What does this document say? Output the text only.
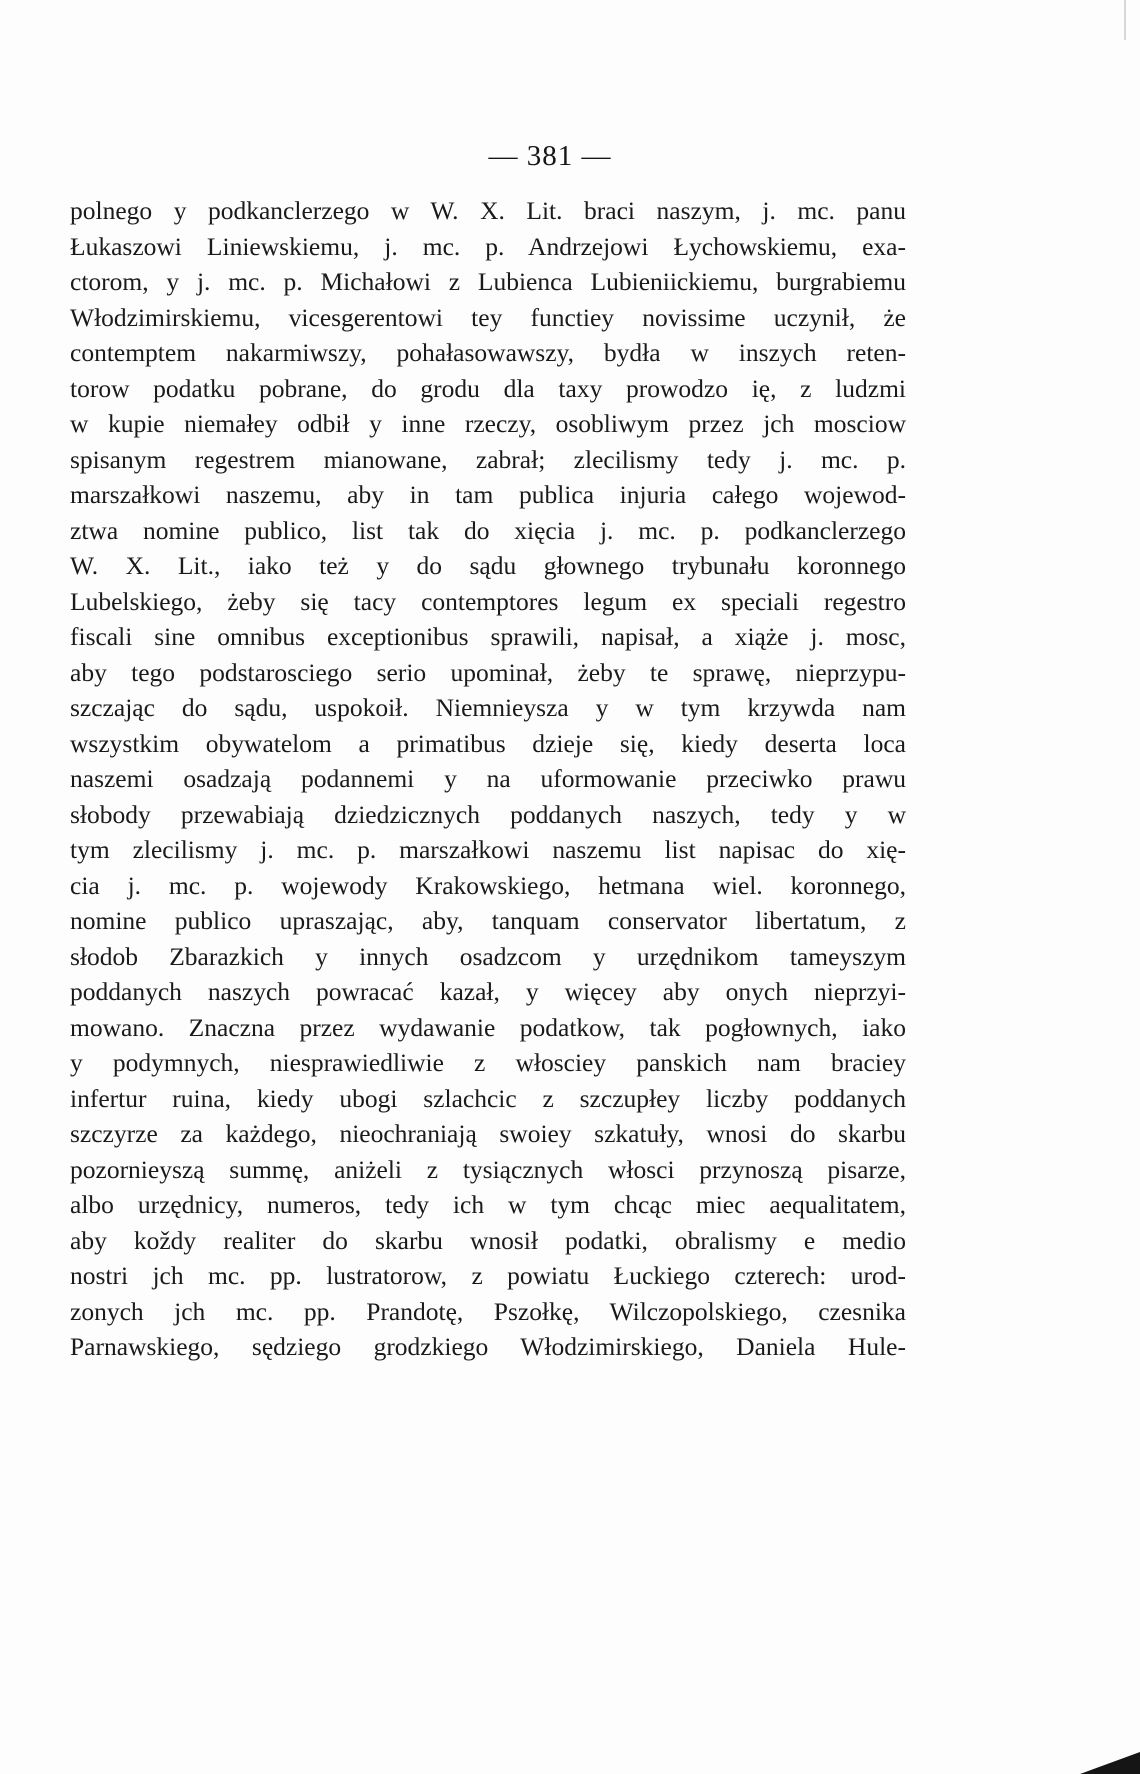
— 381 —
polnego y podkanclerzego w W. X. Lit. braci naszym, j. mc. panu
Łukaszowi Liniewskiemu, j. mc. p. Andrzejowi Łychowskiemu, exa-
ctorom, y j. mc. p. Michałowi z Lubienca Lubieniickiemu, burgrabiemu
Włodzimirskiemu, vicesgerentowi tey functiey novissime uczynił, że
contemptem nakarmiwszy, pohałasowawszy, bydła w inszych reten-
torow podatku pobrane, do grodu dla taxy prowodzo ię, z ludzmi
w kupie niemałey odbił y inne rzeczy, osobliwym przez jch mosciow
spisanym regestrem mianowane, zabrał; zlecilismy tedy j. mc. p.
marszałkowi naszemu, aby in tam publica injuria całego wojewod-
ztwa nomine publico, list tak do xięcia j. mc. p. podkanclerzego
W. X. Lit., iako też y do sądu głownego trybunału koronnego
Lubelskiego, żeby się tacy contemptores legum ex speciali regestro
fiscali sine omnibus exceptionibus sprawili, napisał, a xiąże j. mosc,
aby tego podstarosciego serio upominał, żeby te sprawę, nieprzypu-
szczając do sądu, uspokoił. Niemnieysza y w tym krzywda nam
wszystkim obywatelom a primatibus dzieje się, kiedy deserta loca
naszemi osadzają podannemi y na uformowanie przeciwko prawu
słobody przewabiają dziedzicznych poddanych naszych, tedy y w
tym zlecilismy j. mc. p. marszałkowi naszemu list napisac do xię-
cia j. mc. p. wojewody Krakowskiego, hetmana wiel. koronnego,
nomine publico upraszając, aby, tanquam conservator libertatum, z
słodob Zbarazkich y innych osadzcom y urzędnikom tameyszym
poddanych naszych powracać kazał, y więcey aby onych nieprzyi-
mowano. Znaczna przez wydawanie podatkow, tak pogłownych, iako
y podymnych, niesprawiedliwie z włosciey panskich nam braciey
infertur ruina, kiedy ubogi szlachcic z szczupłey liczby poddanych
szczyrze za każdego, nieochraniają swoiey szkatuły, wnosi do skarbu
pozornieyszą summę, aniżeli z tysiącznych włosci przynoszą pisarze,
albo urzędnicy, numeros, tedy ich w tym chcąc miec aequalitatem,
aby koždy realiter do skarbu wnosił podatki, obralismy e medio
nostri jch mc. pp. lustratorow, z powiatu Łuckiego czterech: urod-
zonych jch mc. pp. Prandotę, Pszołkę, Wilczopolskiego, czesnika
Parnawskiego, sędziego grodzkiego Włodzimirskiego, Daniela Hule-
